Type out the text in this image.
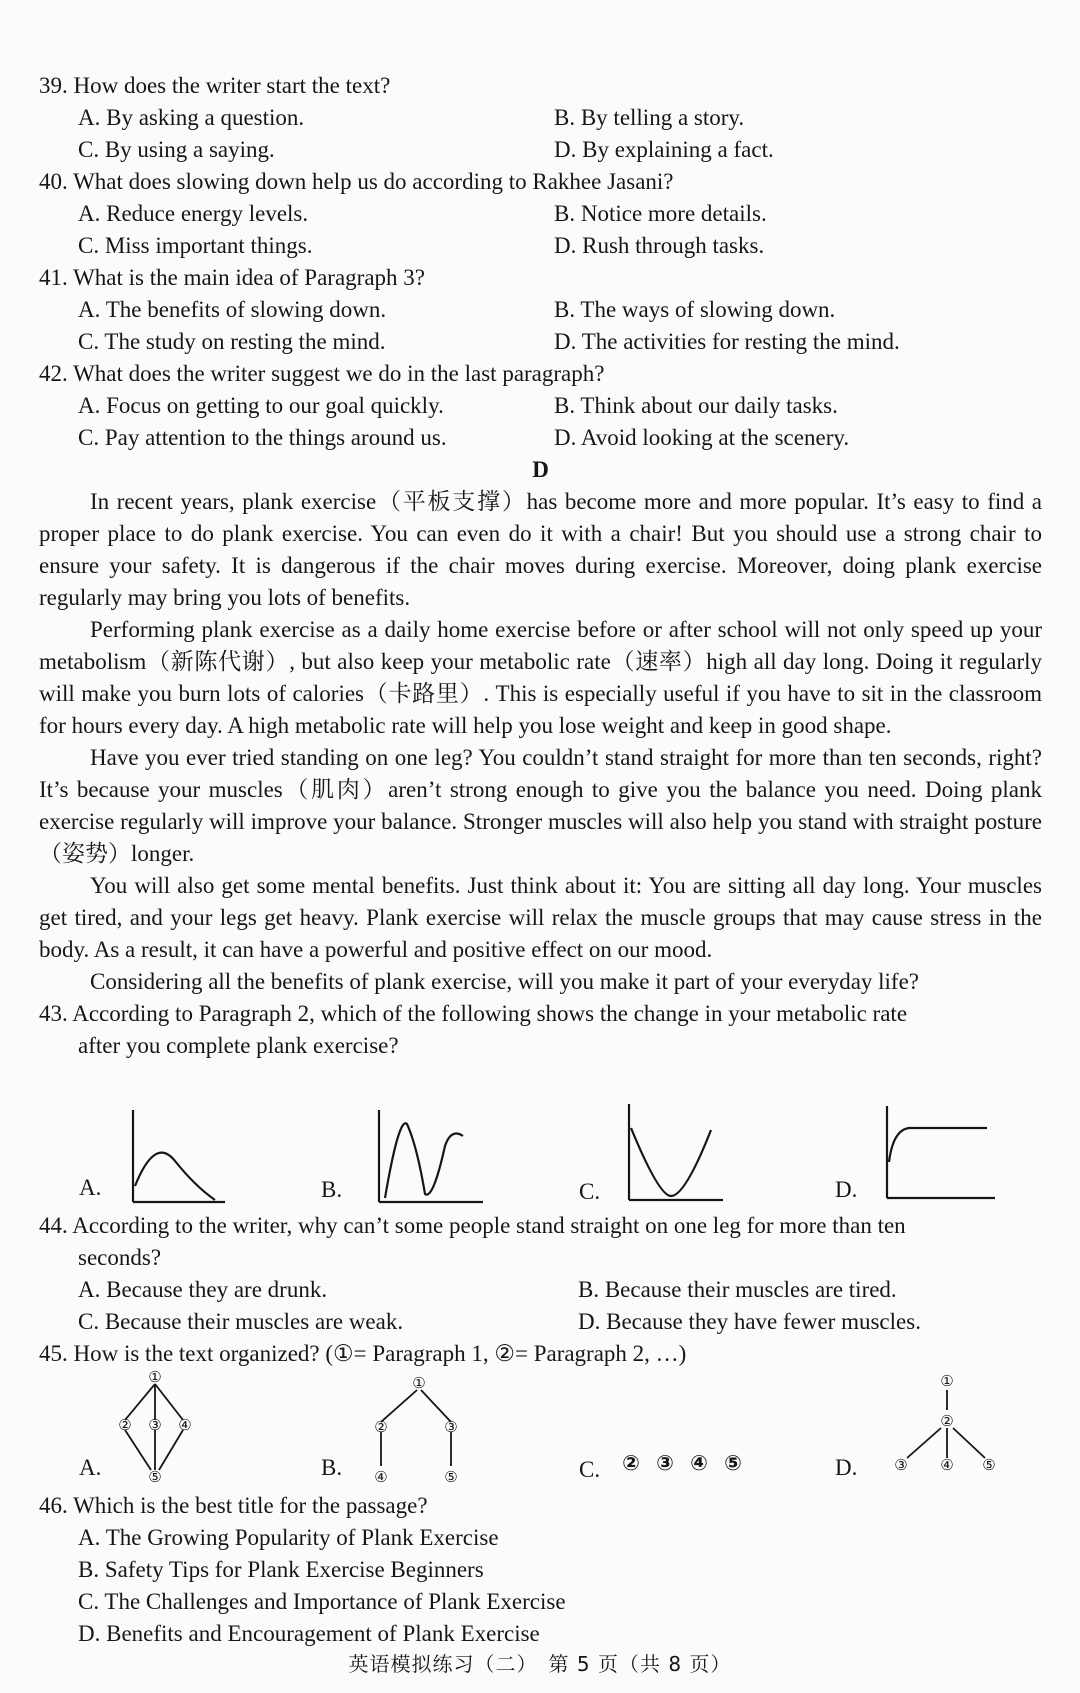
39. How does the writer start the text?

A. By asking a question.	B. By telling a story.
C. By using a saying.	D. By explaining a fact.

40. What does slowing down help us do according to Rakhee Jasani?

A. Reduce energy levels.	B. Notice more details.
C. Miss important things.	D. Rush through tasks.

41. What is the main idea of Paragraph 3?

A. The benefits of slowing down.	B. The ways of slowing down.
C. The study on resting the mind.	D. The activities for resting the mind.

42. What does the writer suggest we do in the last paragraph?

A. Focus on getting to our goal quickly.	B. Think about our daily tasks.
C. Pay attention to the things around us.	D. Avoid looking at the scenery.

D

In recent years, plank exercise（平板支撑）has become more and more popular. It’s easy to find a proper place to do plank exercise. You can even do it with a chair! But you should use a strong chair to ensure your safety. It is dangerous if the chair moves during exercise. Moreover, doing plank exercise regularly may bring you lots of benefits.

Performing plank exercise as a daily home exercise before or after school will not only speed up your metabolism（新陈代谢）, but also keep your metabolic rate（速率）high all day long. Doing it regularly will make you burn lots of calories（卡路里）. This is especially useful if you have to sit in the classroom for hours every day. A high metabolic rate will help you lose weight and keep in good shape.

Have you ever tried standing on one leg? You couldn’t stand straight for more than ten seconds, right? It’s because your muscles（肌肉）aren’t strong enough to give you the balance you need. Doing plank exercise regularly will improve your balance. Stronger muscles will also help you stand with straight posture（姿势）longer.

You will also get some mental benefits. Just think about it: You are sitting all day long. Your muscles get tired, and your legs get heavy. Plank exercise will relax the muscle groups that may cause stress in the body. As a result, it can have a powerful and positive effect on our mood.

Considering all the benefits of plank exercise, will you make it part of your everyday life?

43. According to Paragraph 2, which of the following shows the change in your metabolic rate

after you complete plank exercise?

A.	B.	C.	D.

44. According to the writer, why can’t some people stand straight on one leg for more than ten

seconds?

A. Because they are drunk.	B. Because their muscles are tired.
C. Because their muscles are weak.	D. Because they have fewer muscles.

45. How is the text organized? (①= Paragraph 1, ②= Paragraph 2, …)

A.
①
② ③ ④
⑤	B.
①
②	③
④	⑤	C. ② ③ ④ ⑤	D.
①
②
③ ④ ⑤

46. Which is the best title for the passage?

A. The Growing Popularity of Plank Exercise
B. Safety Tips for Plank Exercise Beginners
C. The Challenges and Importance of Plank Exercise
D. Benefits and Encouragement of Plank Exercise
英语模拟练习（二）　第 5 页（共 8 页）
